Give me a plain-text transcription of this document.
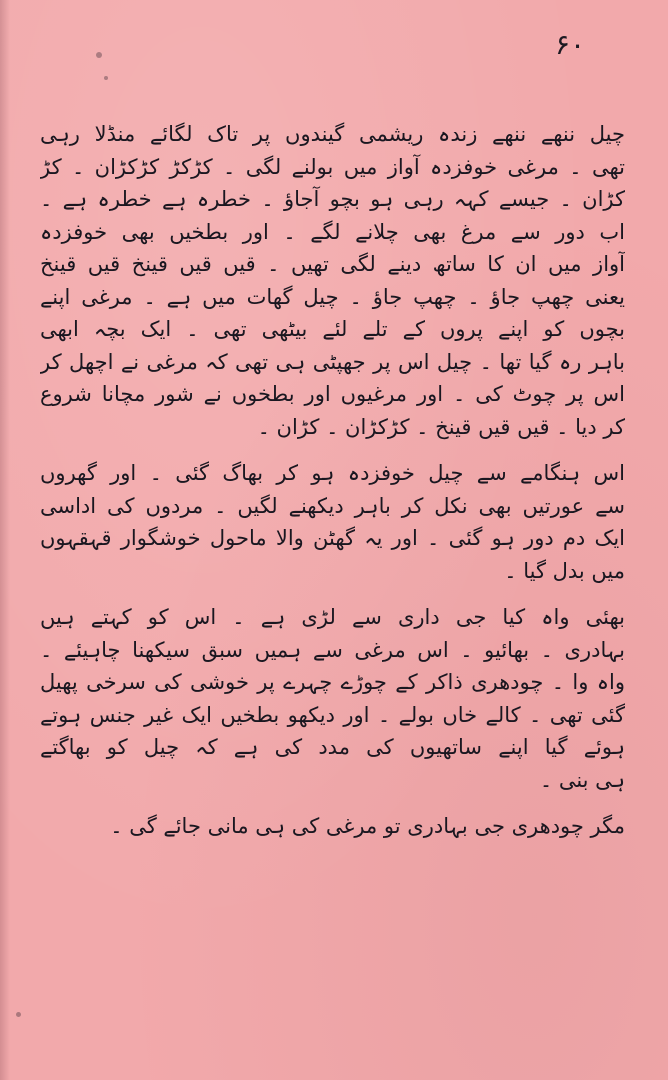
۶۰
چیل ننھے ننھے زندہ ریشمی گیندوں پر تاک لگائے منڈلا رہی
تھی ۔ مرغی خوفزدہ آواز میں بولنے لگی ۔ کڑکڑ کڑکڑان ۔ کڑ
کڑان ۔ جیسے کہہ رہی ہو بچو آجاؤ ۔ خطرہ ہے خطرہ ہے ۔
اب دور سے مرغ بھی چلانے لگے ۔ اور بطخیں بھی خوفزدہ
آواز میں ان کا ساتھ دینے لگی تھیں ۔ قیں قیں قینخ قیں قینخ
یعنی چھپ جاؤ ۔ چھپ جاؤ ۔ چیل گھات میں ہے ۔ مرغی اپنے
بچوں کو اپنے پروں کے تلے لئے بیٹھی تھی ۔ ایک بچہ ابھی
باہر رہ گیا تھا ۔ چیل اس پر جھپٹی ہی تھی کہ مرغی نے اچھل کر
اس پر چوٹ کی ۔ اور مرغیوں اور بطخوں نے شور مچانا شروع
کر دیا ۔ قیں قیں قینخ ۔ کڑکڑان ۔ کڑان ۔
اس ہنگامے سے چیل خوفزدہ ہو کر بھاگ گئی ۔ اور گھروں
سے عورتیں بھی نکل کر باہر دیکھنے لگیں ۔ مردوں کی اداسی
ایک دم دور ہو گئی ۔ اور یہ گھٹن والا ماحول خوشگوار قہقہوں
میں بدل گیا ۔
بھئی واہ کیا جی داری سے لڑی ہے ۔ اس کو کہتے ہیں
بہادری ۔ بھائیو ۔ اس مرغی سے ہمیں سبق سیکھنا چاہیئے ۔
واہ وا ۔ چودھری ذاکر کے چوڑے چہرے پر خوشی کی سرخی پھیل
گئی تھی ۔ کالے خاں بولے ۔ اور دیکھو بطخیں ایک غیر جنس ہوتے
ہوئے گیا اپنے ساتھیوں کی مدد کی ہے کہ چیل کو بھاگتے
ہی بنی ۔
مگر چودھری جی بہادری تو مرغی کی ہی مانی جائے گی ۔
